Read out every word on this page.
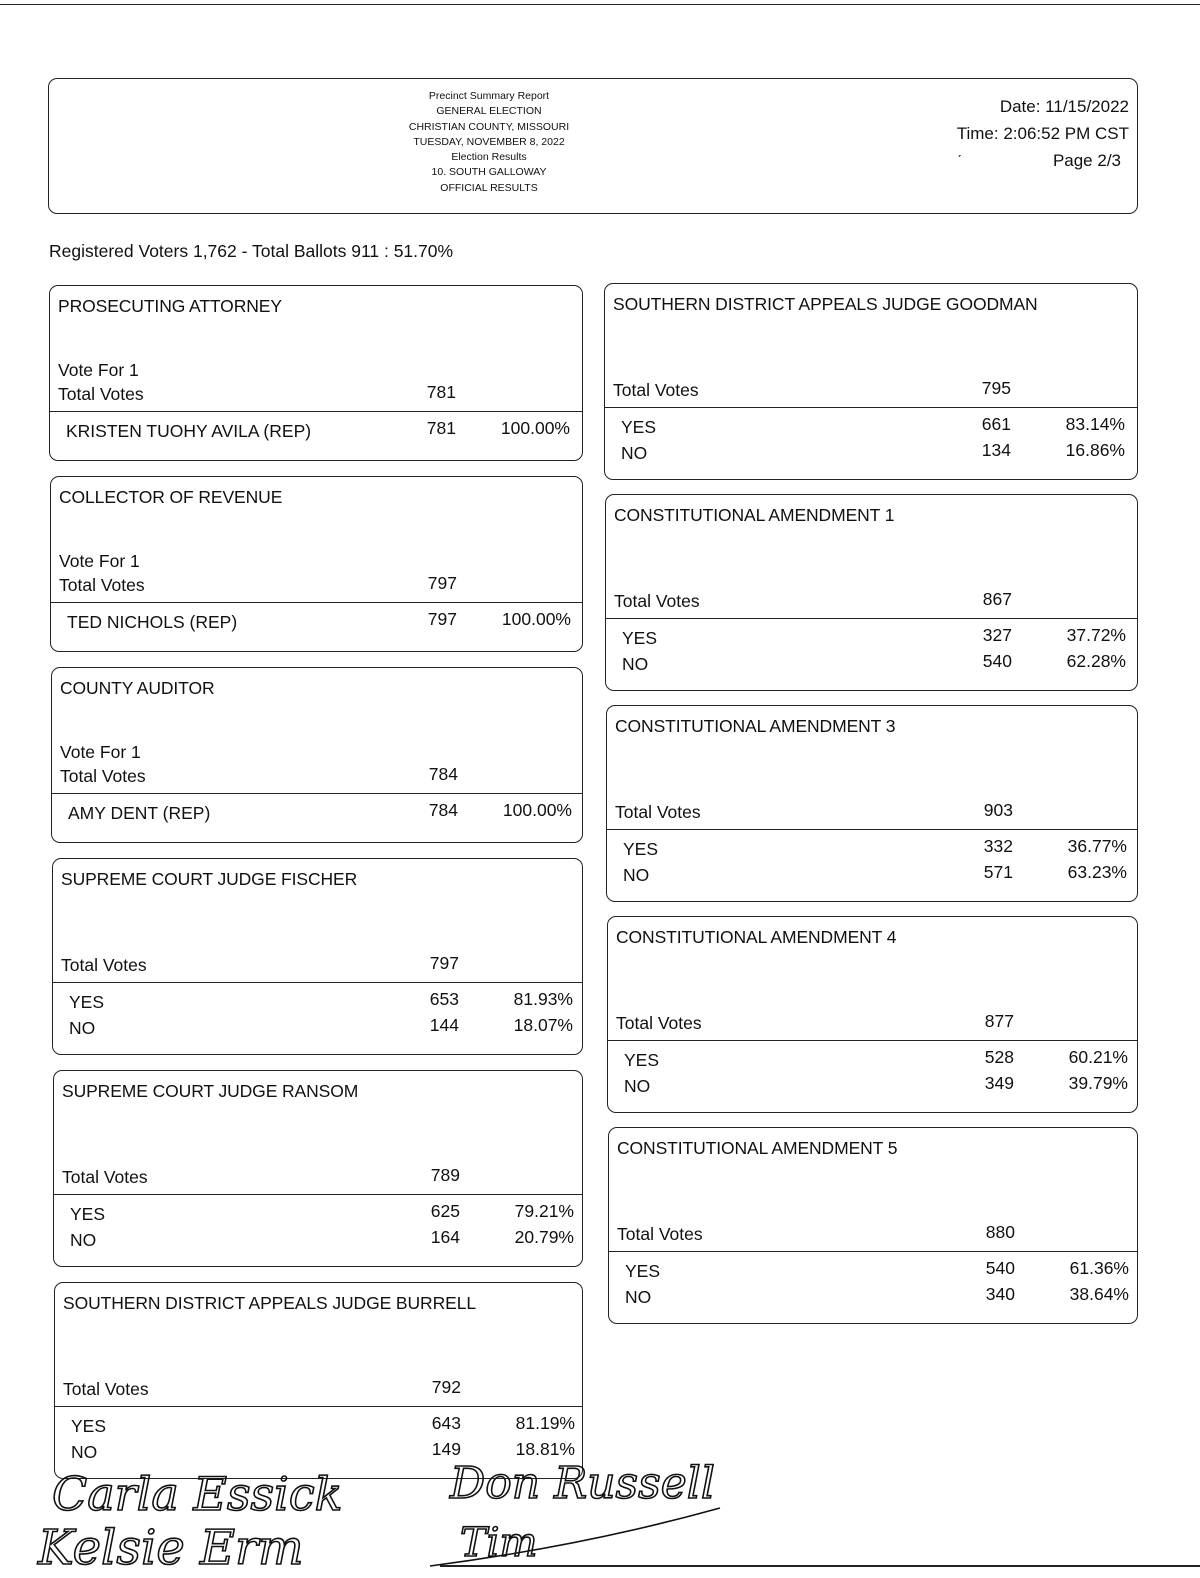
Precinct Summary Report
GENERAL ELECTION
CHRISTIAN COUNTY, MISSOURI
TUESDAY, NOVEMBER 8, 2022
Election Results
10. SOUTH GALLOWAY
OFFICIAL RESULTS
Date: 11/15/2022
Time: 2:06:52 PM CST
Page 2/3
ˏ
Registered Voters 1,762 - Total Ballots 911 : 51.70%
PROSECUTING ATTORNEY
Vote For 1
Total Votes	781
KRISTEN TUOHY AVILA (REP)	781	100.00%
COLLECTOR OF REVENUE
Vote For 1
Total Votes	797
TED NICHOLS (REP)	797	100.00%
COUNTY AUDITOR
Vote For 1
Total Votes	784
AMY DENT (REP)	784	100.00%
SUPREME COURT JUDGE FISCHER
Total Votes	797
YES	653	81.93%
NO	144	18.07%
SUPREME COURT JUDGE RANSOM
Total Votes	789
YES	625	79.21%
NO	164	20.79%
SOUTHERN DISTRICT APPEALS JUDGE BURRELL
Total Votes	792
YES	643	81.19%
NO	149	18.81%
SOUTHERN DISTRICT APPEALS JUDGE GOODMAN
Total Votes	795
YES	661	83.14%
NO	134	16.86%
CONSTITUTIONAL AMENDMENT 1
Total Votes	867
YES	327	37.72%
NO	540	62.28%
CONSTITUTIONAL AMENDMENT 3
Total Votes	903
YES	332	36.77%
NO	571	63.23%
CONSTITUTIONAL AMENDMENT 4
Total Votes	877
YES	528	60.21%
NO	349	39.79%
CONSTITUTIONAL AMENDMENT 5
Total Votes	880
YES	540	61.36%
NO	340	38.64%
Carla Essick
Kelsie Erm
Don Russell
Tim
